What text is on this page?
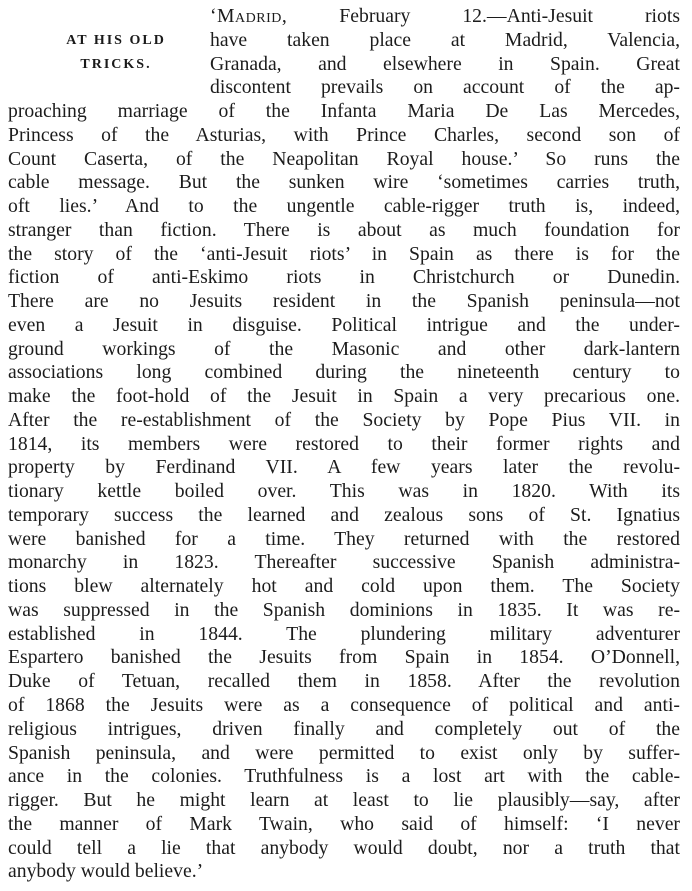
AT HIS OLD
TRICKS.
‘Madrid, February 12.—Anti-Jesuit riots
have taken place at Madrid, Valencia,
Granada, and elsewhere in Spain. Great
discontent prevails on account of the ap-
proaching marriage of the Infanta Maria De Las Mercedes,
Princess of the Asturias, with Prince Charles, second son of
Count Caserta, of the Neapolitan Royal house.’ So runs the
cable message. But the sunken wire ‘sometimes carries truth,
oft lies.’ And to the ungentle cable-rigger truth is, indeed,
stranger than fiction. There is about as much foundation for
the story of the ‘anti-Jesuit riots’ in Spain as there is for the
fiction of anti-Eskimo riots in Christchurch or Dunedin.
There are no Jesuits resident in the Spanish peninsula—not
even a Jesuit in disguise. Political intrigue and the under-
ground workings of the Masonic and other dark-lantern
associations long combined during the nineteenth century to
make the foot-hold of the Jesuit in Spain a very precarious one.
After the re-establishment of the Society by Pope Pius VII. in
1814, its members were restored to their former rights and
property by Ferdinand VII. A few years later the revolu-
tionary kettle boiled over. This was in 1820. With its
temporary success the learned and zealous sons of St. Ignatius
were banished for a time. They returned with the restored
monarchy in 1823. Thereafter successive Spanish administra-
tions blew alternately hot and cold upon them. The Society
was suppressed in the Spanish dominions in 1835. It was re-
established in 1844. The plundering military adventurer
Espartero banished the Jesuits from Spain in 1854. O’Donnell,
Duke of Tetuan, recalled them in 1858. After the revolution
of 1868 the Jesuits were as a consequence of political and anti-
religious intrigues, driven finally and completely out of the
Spanish peninsula, and were permitted to exist only by suffer-
ance in the colonies. Truthfulness is a lost art with the cable-
rigger. But he might learn at least to lie plausibly—say, after
the manner of Mark Twain, who said of himself: ‘I never
could tell a lie that anybody would doubt, nor a truth that
anybody would believe.’
